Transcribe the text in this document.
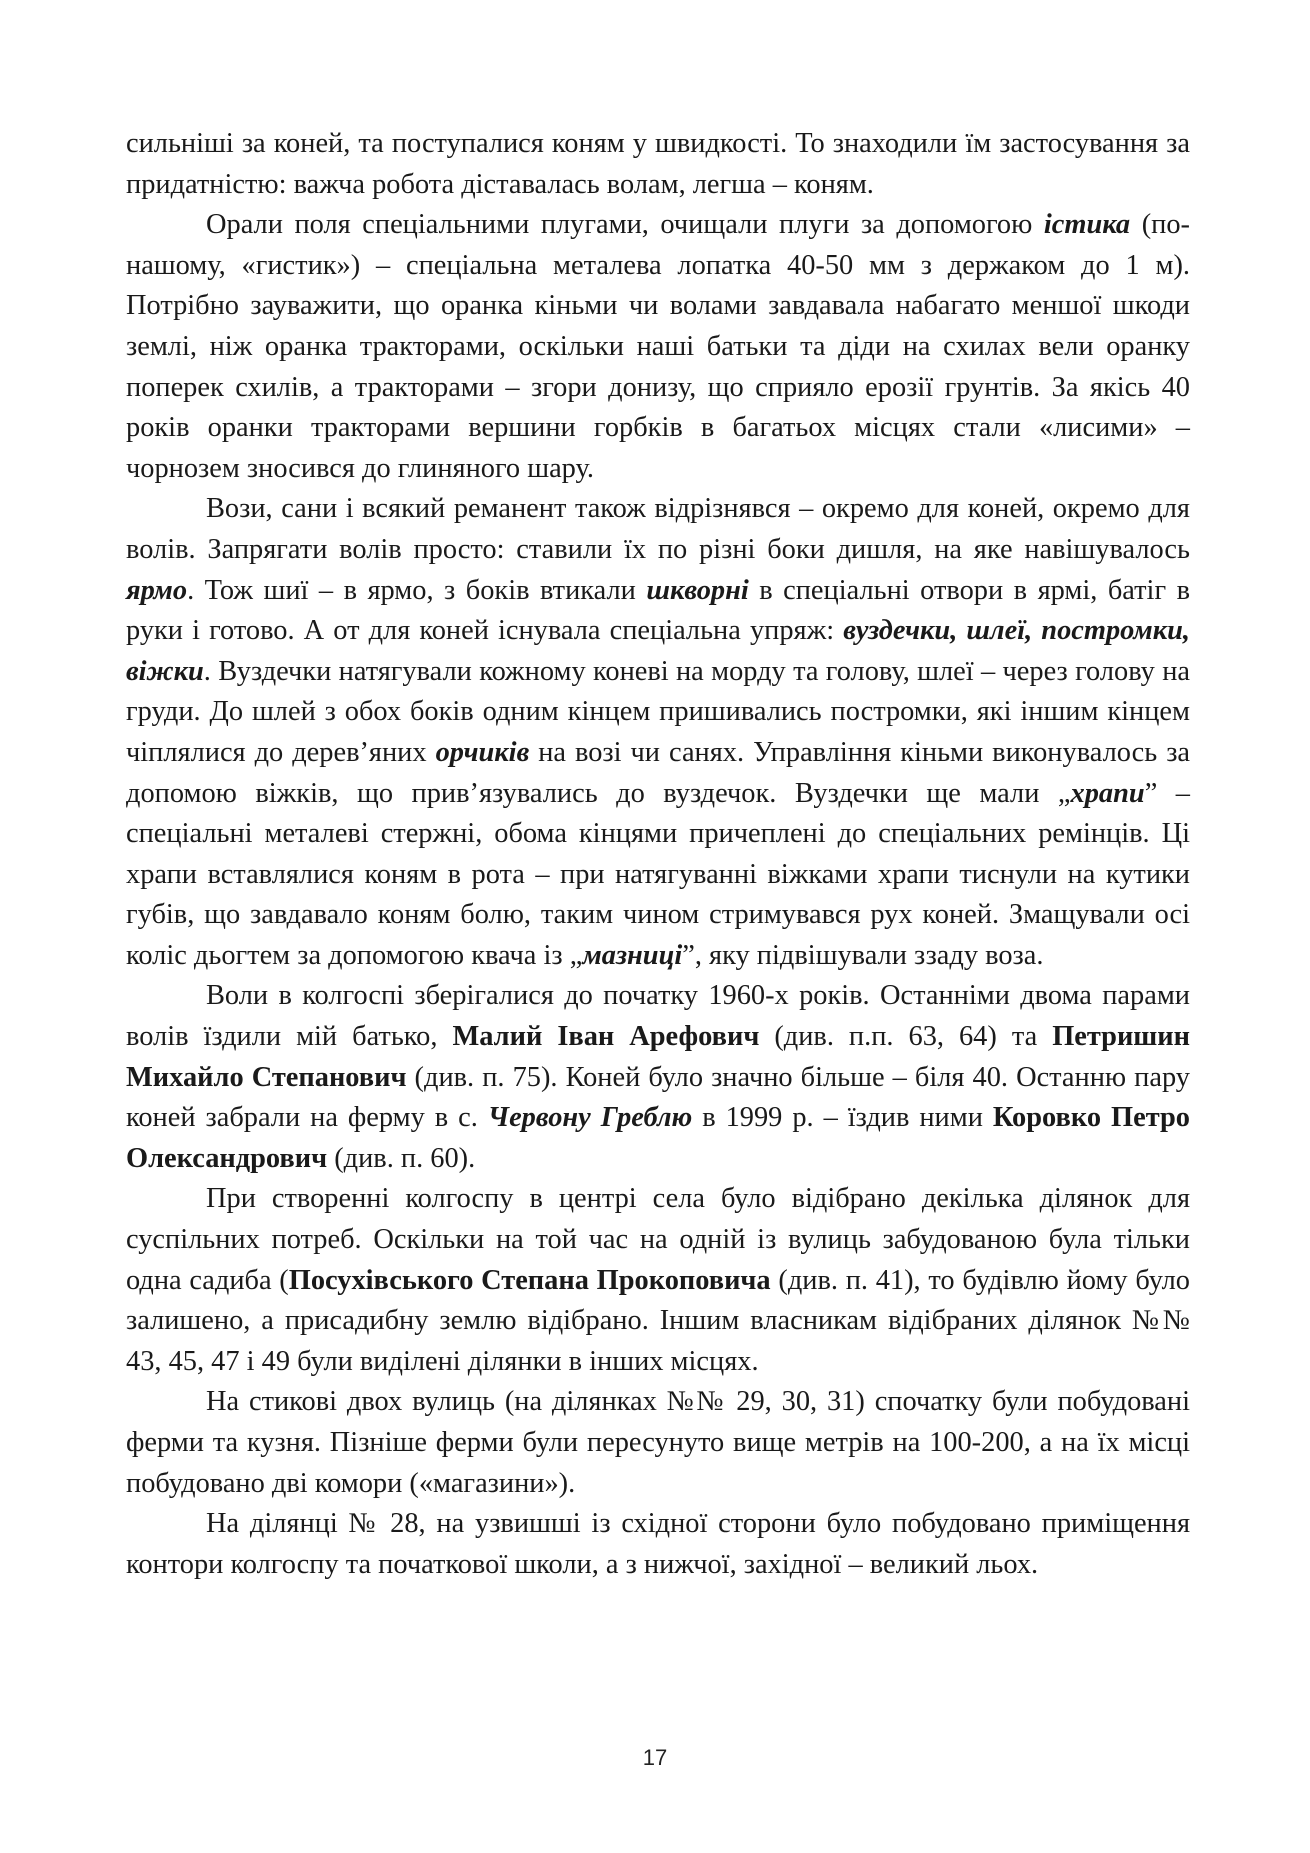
сильніші за коней, та поступалися коням у швидкості. То знаходили їм застосування за придатністю: важча робота діставалась волам, легша – коням.

Орали поля спеціальними плугами, очищали плуги за допомогою істика (по-нашому, «гистик») – спеціальна металева лопатка 40-50 мм з держаком до 1 м). Потрібно зауважити, що оранка кіньми чи волами завдавала набагато меншої шкоди землі, ніж оранка тракторами, оскільки наші батьки та діди на схилах вели оранку поперек схилів, а тракторами – згори донизу, що сприяло ерозії грунтів. За якісь 40 років оранки тракторами вершини горбків в багатьох місцях стали «лисими» – чорнозем зносився до глиняного шару.

Вози, сани і всякий реманент також відрізнявся – окремо для коней, окремо для волів. Запрягати волів просто: ставили їх по різні боки дишля, на яке навішувалось ярмо. Тож шиї – в ярмо, з боків втикали шкворні в спеціальні отвори в ярмі, батіг в руки і готово. А от для коней існувала спеціальна упряж: вуздечки, шлеї, постромки, віжки. Вуздечки натягували кожному коневі на морду та голову, шлеї – через голову на груди. До шлей з обох боків одним кінцем пришивались постромки, які іншим кінцем чіплялися до дерев’яних орчиків на возі чи санях. Управління кіньми виконувалось за допомою віжків, що прив’язувались до вуздечок. Вуздечки ще мали „храпи” – спеціальні металеві стержні, обома кінцями причеплені до спеціальних ремінців. Ці храпи вставлялися коням в рота – при натягуванні віжками храпи тиснули на кутики губів, що завдавало коням болю, таким чином стримувався рух коней. Змащували осі коліс дьогтем за допомогою квача із „мазниці”, яку підвішували ззаду воза.

Воли в колгоспі зберігалися до початку 1960-х років. Останніми двома парами волів їздили мій батько, Малий Іван Арефович (див. п.п. 63, 64) та Петришин Михайло Степанович (див. п. 75). Коней було значно більше – біля 40. Останню пару коней забрали на ферму в с. Червону Греблю в 1999 р. – їздив ними Коровко Петро Олександрович (див. п. 60).

При створенні колгоспу в центрі села було відібрано декілька ділянок для суспільних потреб. Оскільки на той час на одній із вулиць забудованою була тільки одна садиба (Посухівського Степана Прокоповича (див. п. 41), то будівлю йому було залишено, а присадибну землю відібрано. Іншим власникам відібраних ділянок №№ 43, 45, 47 і 49 були виділені ділянки в інших місцях.

На стикові двох вулиць (на ділянках №№ 29, 30, 31) спочатку були побудовані ферми та кузня. Пізніше ферми були пересунуто вище метрів на 100-200, а на їх місці побудовано дві комори («магазини»).

На ділянці № 28, на узвишші із східної сторони було побудовано приміщення контори колгоспу та початкової школи, а з нижчої, західної – великий льох.

17
